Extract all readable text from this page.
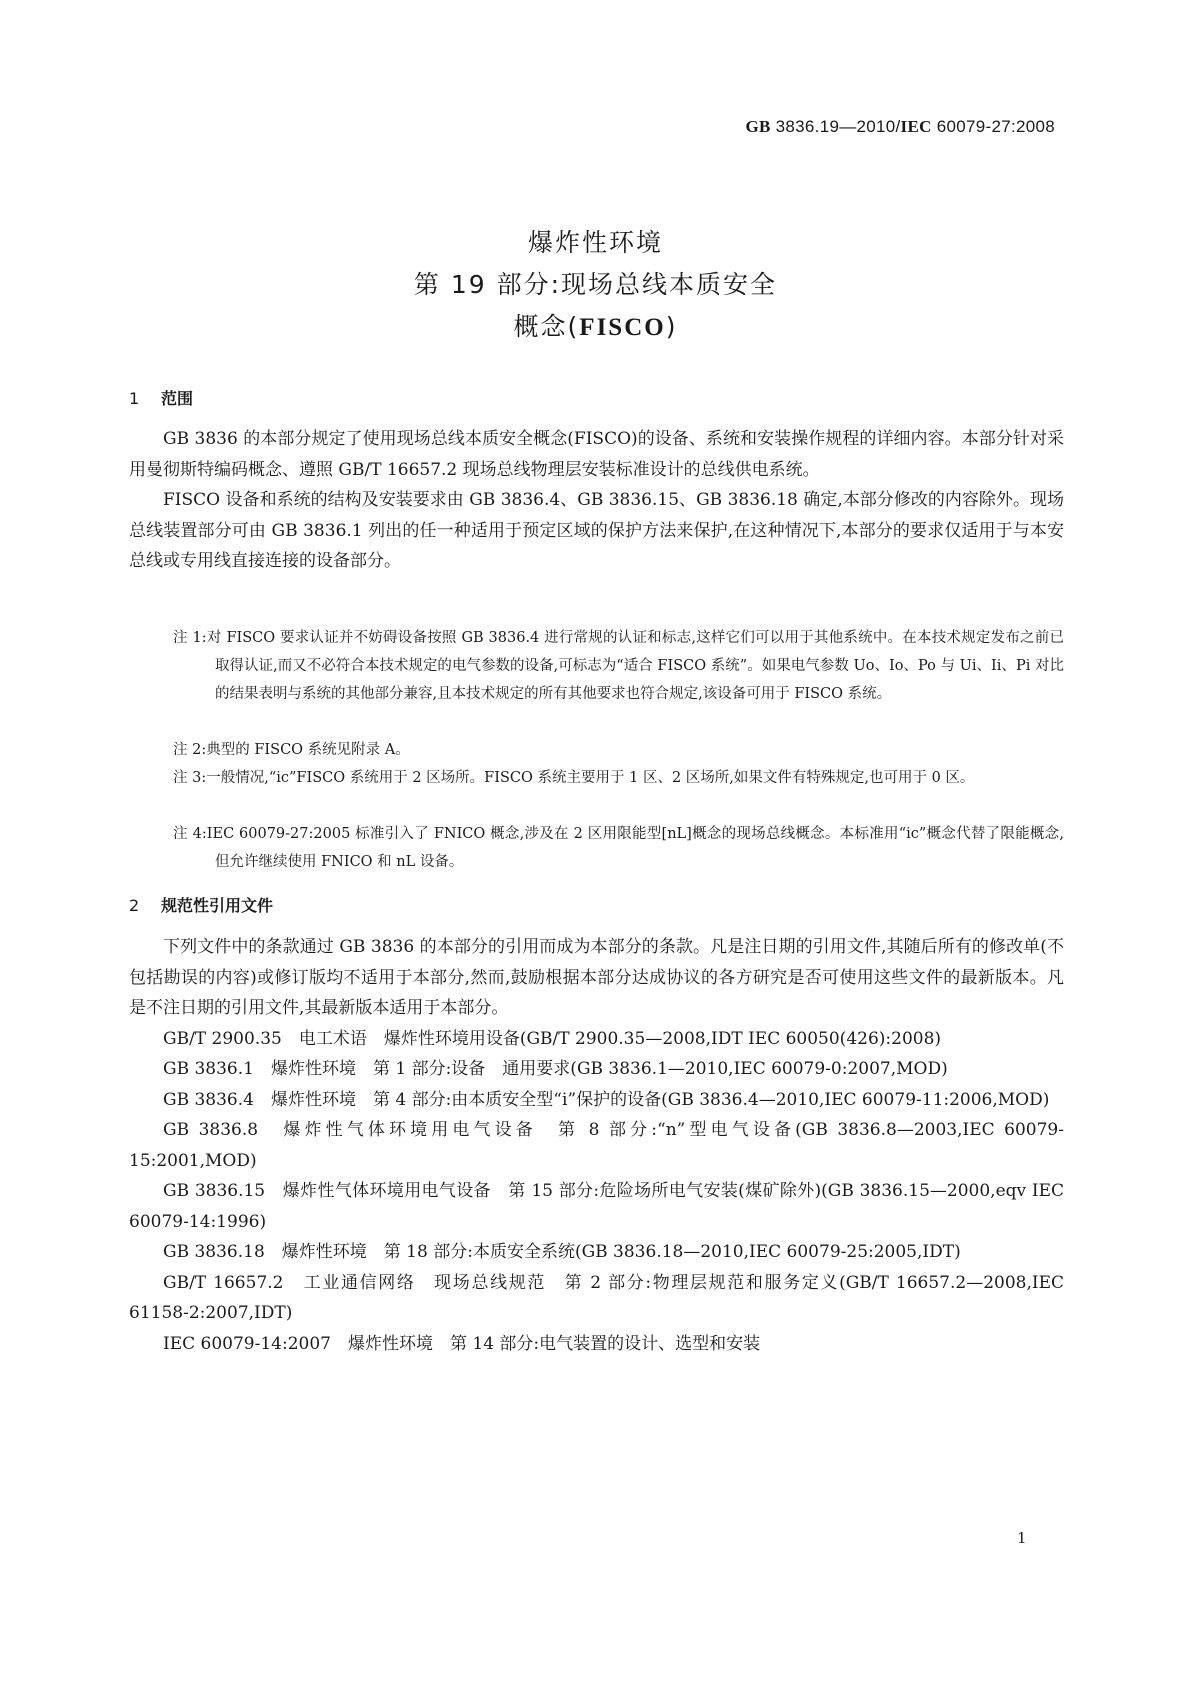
GB 3836.19—2010/IEC 60079-27:2008
爆炸性环境
第 19 部分:现场总线本质安全
概念(FISCO)
1 范围

GB 3836 的本部分规定了使用现场总线本质安全概念(FISCO)的设备、系统和安装操作规程的详细内容。本部分针对采用曼彻斯特编码概念、遵照 GB/T 16657.2 现场总线物理层安装标准设计的总线供电系统。

FISCO 设备和系统的结构及安装要求由 GB 3836.4、GB 3836.15、GB 3836.18 确定,本部分修改的内容除外。现场总线装置部分可由 GB 3836.1 列出的任一种适用于预定区域的保护方法来保护,在这种情况下,本部分的要求仅适用于与本安总线或专用线直接连接的设备部分。

注 1:对 FISCO 要求认证并不妨碍设备按照 GB 3836.4 进行常规的认证和标志,这样它们可以用于其他系统中。在本技术规定发布之前已取得认证,而又不必符合本技术规定的电气参数的设备,可标志为“适合 FISCO 系统”。如果电气参数 Uo、Io、Po 与 Ui、Ii、Pi 对比的结果表明与系统的其他部分兼容,且本技术规定的所有其他要求也符合规定,该设备可用于 FISCO 系统。
注 2:典型的 FISCO 系统见附录 A。
注 3:一般情况,“ic”FISCO 系统用于 2 区场所。FISCO 系统主要用于 1 区、2 区场所,如果文件有特殊规定,也可用于 0 区。
注 4:IEC 60079-27:2005 标准引入了 FNICO 概念,涉及在 2 区用限能型[nL]概念的现场总线概念。本标准用“ic”概念代替了限能概念,但允许继续使用 FNICO 和 nL 设备。
2 规范性引用文件

下列文件中的条款通过 GB 3836 的本部分的引用而成为本部分的条款。凡是注日期的引用文件,其随后所有的修改单(不包括勘误的内容)或修订版均不适用于本部分,然而,鼓励根据本部分达成协议的各方研究是否可使用这些文件的最新版本。凡是不注日期的引用文件,其最新版本适用于本部分。

GB/T 2900.35　电工术语　爆炸性环境用设备(GB/T 2900.35—2008,IDT IEC 60050(426):2008)

GB 3836.1　爆炸性环境　第 1 部分:设备　通用要求(GB 3836.1—2010,IEC 60079-0:2007,MOD)

GB 3836.4　爆炸性环境　第 4 部分:由本质安全型“i”保护的设备(GB 3836.4—2010,IEC 60079-11:2006,MOD)

GB 3836.8　爆炸性气体环境用电气设备　第 8 部分:“n”型电气设备(GB 3836.8—2003,IEC 60079-15:2001,MOD)

GB 3836.15　爆炸性气体环境用电气设备　第 15 部分:危险场所电气安装(煤矿除外)(GB 3836.15—2000,eqv IEC 60079-14:1996)

GB 3836.18　爆炸性环境　第 18 部分:本质安全系统(GB 3836.18—2010,IEC 60079-25:2005,IDT)

GB/T 16657.2　工业通信网络　现场总线规范　第 2 部分:物理层规范和服务定义(GB/T 16657.2—2008,IEC 61158-2:2007,IDT)

IEC 60079-14:2007　爆炸性环境　第 14 部分:电气装置的设计、选型和安装

1
